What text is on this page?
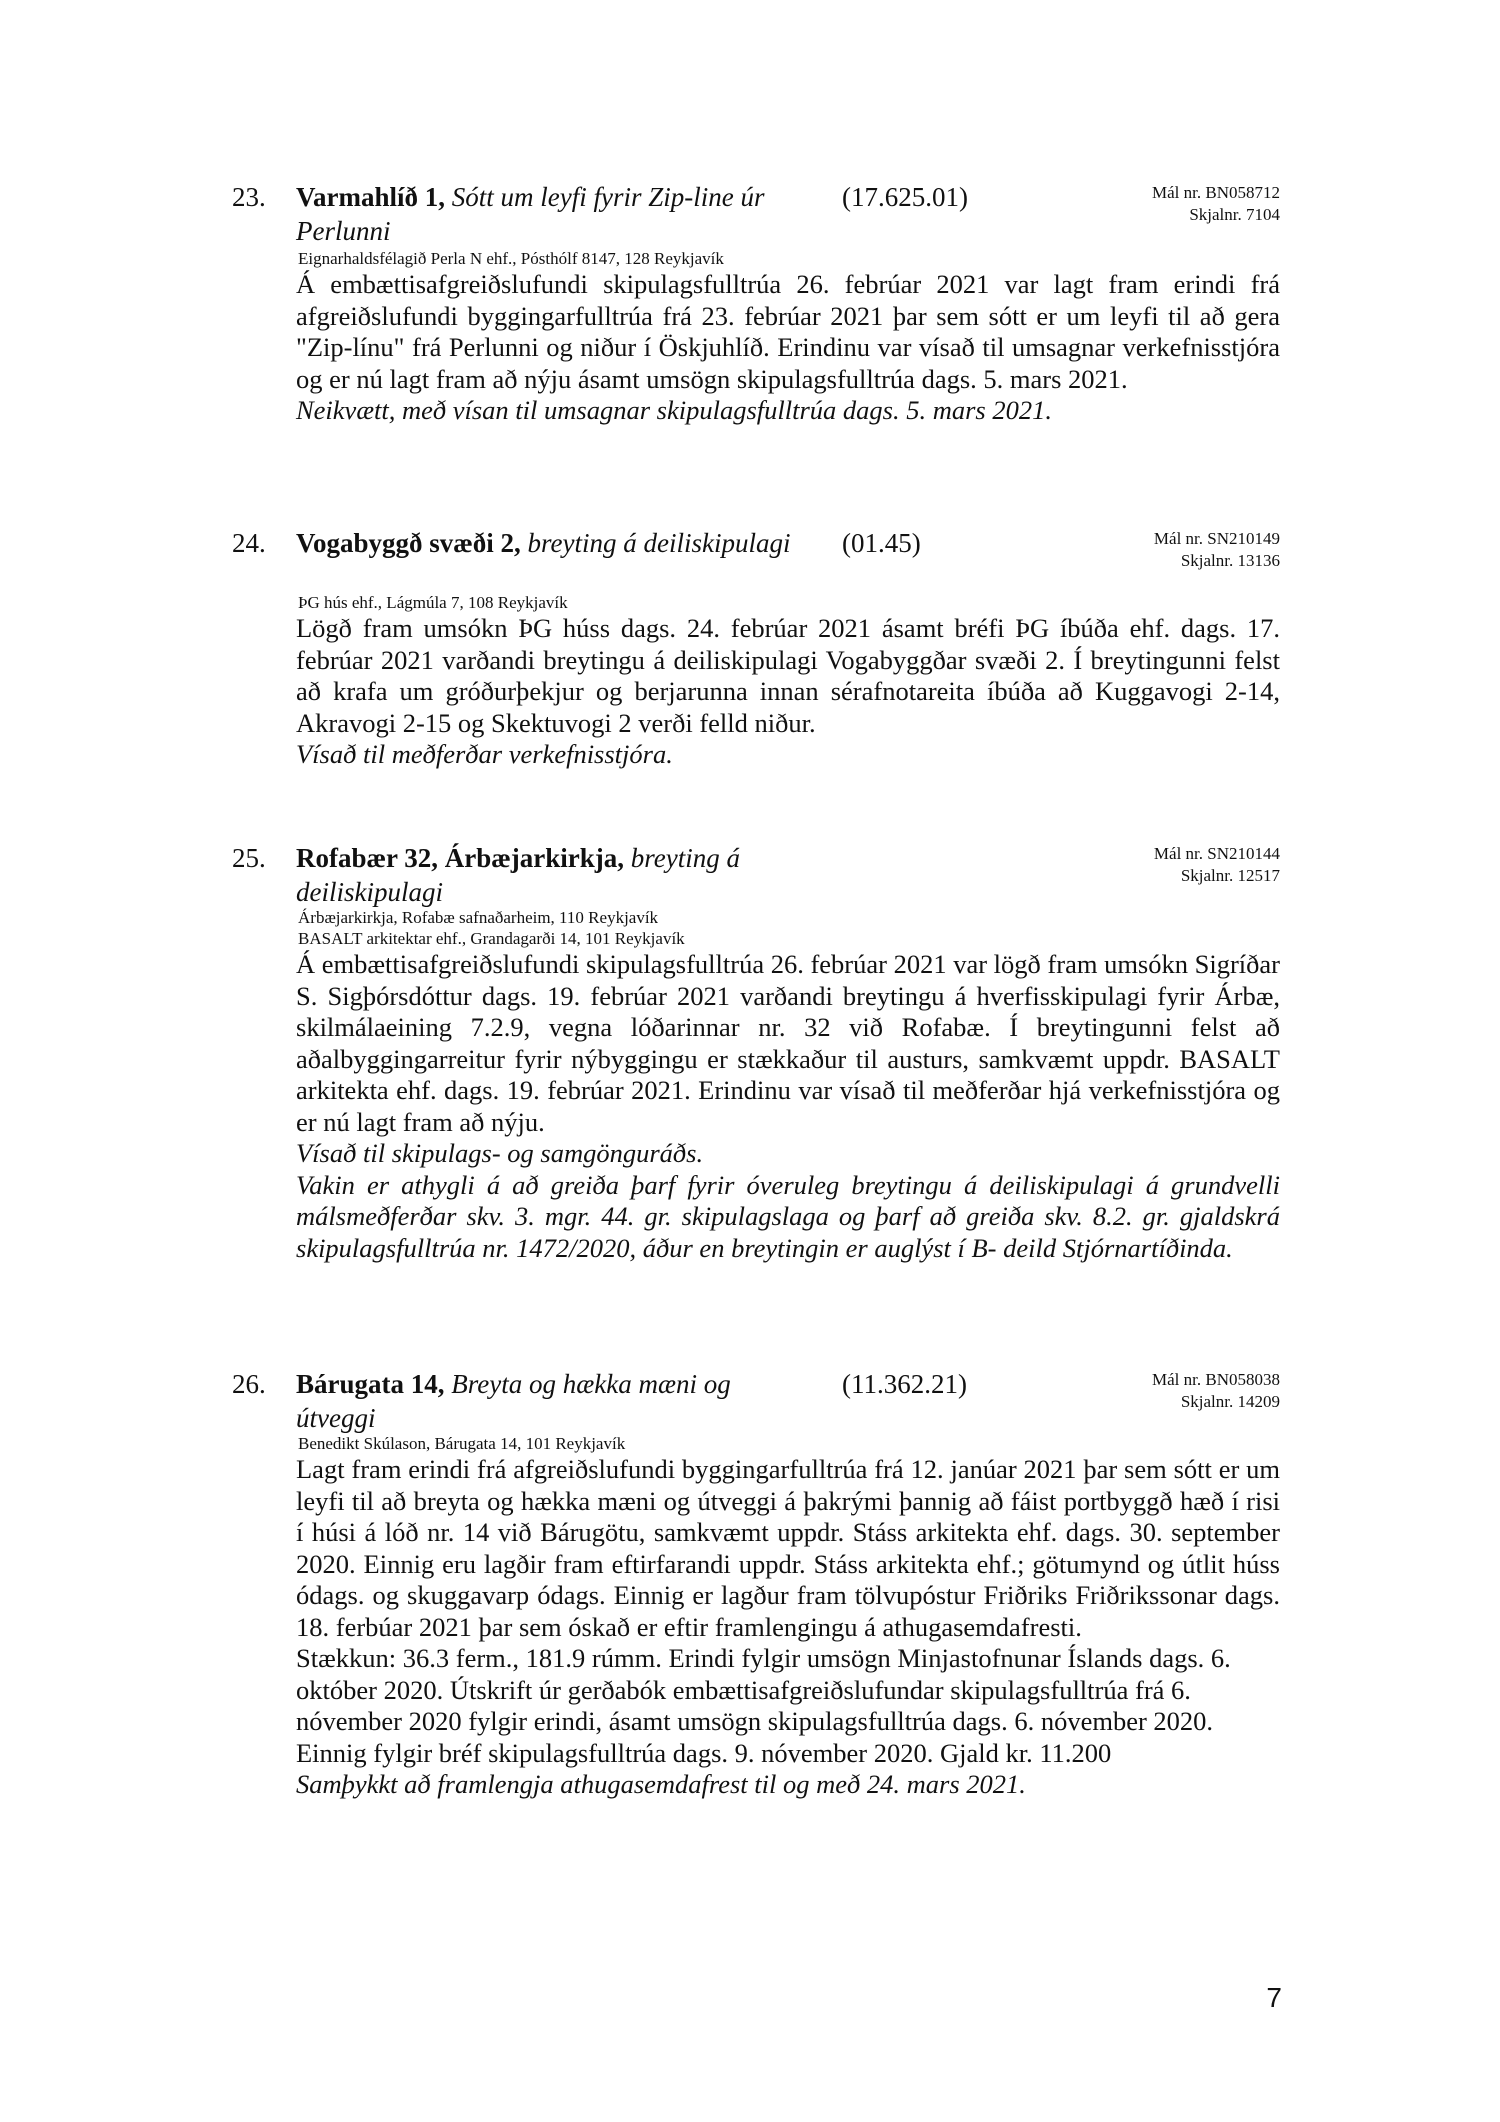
23. Varmahlíð 1, Sótt um leyfi fyrir Zip-line úr Perlunni
(17.625.01)	Mál nr. BN058712
Skjalnr. 7104
Eignarhaldsfélagið Perla N ehf., Pósthólf 8147, 128 Reykjavík

Á embættisafgreiðslufundi skipulagsfulltrúa 26. febrúar 2021 var lagt fram erindi frá afgreiðslufundi byggingarfulltrúa frá 23. febrúar 2021 þar sem sótt er um leyfi til að gera "Zip-línu" frá Perlunni og niður í Öskjuhlíð. Erindinu var vísað til umsagnar verkefnisstjóra og er nú lagt fram að nýju ásamt umsögn skipulagsfulltrúa dags. 5. mars 2021.

Neikvætt, með vísan til umsagnar skipulagsfulltrúa dags. 5. mars 2021.

24. Vogabyggð svæði 2, breyting á deiliskipulagi (01.45)	Mál nr. SN210149
Skjalnr. 13136
ÞG hús ehf., Lágmúla 7, 108 Reykjavík

Lögð fram umsókn ÞG húss dags. 24. febrúar 2021 ásamt bréfi ÞG íbúða ehf. dags. 17. febrúar 2021 varðandi breytingu á deiliskipulagi Vogabyggðar svæði 2. Í breytingunni felst að krafa um gróðurþekjur og berjarunna innan sérafnotareita íbúða að Kuggavogi 2-14, Akravogi 2-15 og Skektuvogi 2 verði felld niður.

Vísað til meðferðar verkefnisstjóra.

25. Rofabær 32, Árbæjarkirkja, breyting á deiliskipulagi
Mál nr. SN210144
Skjalnr. 12517
Árbæjarkirkja, Rofabæ safnaðarheim, 110 Reykjavík
BASALT arkitektar ehf., Grandagarði 14, 101 Reykjavík

Á embættisafgreiðslufundi skipulagsfulltrúa 26. febrúar 2021 var lögð fram umsókn Sigríðar S. Sigþórsdóttur dags. 19. febrúar 2021 varðandi breytingu á hverfisskipulagi fyrir Árbæ, skilmálaeining 7.2.9, vegna lóðarinnar nr. 32 við Rofabæ. Í breytingunni felst að aðalbyggingarreitur fyrir nýbyggingu er stækkaður til austurs, samkvæmt uppdr. BASALT arkitekta ehf. dags. 19. febrúar 2021. Erindinu var vísað til meðferðar hjá verkefnisstjóra og er nú lagt fram að nýju.

Vísað til skipulags- og samgönguráðs.

Vakin er athygli á að greiða þarf fyrir óveruleg breytingu á deiliskipulagi á grundvelli málsmeðferðar skv. 3. mgr. 44. gr. skipulagslaga og þarf að greiða skv. 8.2. gr. gjaldskrá skipulagsfulltrúa nr. 1472/2020, áður en breytingin er auglýst í B- deild Stjórnartíðinda.

26. Bárugata 14, Breyta og hækka mæni og útveggi
(11.362.21)	Mál nr. BN058038
Skjalnr. 14209
Benedikt Skúlason, Bárugata 14, 101 Reykjavík

Lagt fram erindi frá afgreiðslufundi byggingarfulltrúa frá 12. janúar 2021 þar sem sótt er um leyfi til að breyta og hækka mæni og útveggi á þakrými þannig að fáist portbyggð hæð í risi í húsi á lóð nr. 14 við Bárugötu, samkvæmt uppdr. Stáss arkitekta ehf. dags. 30. september 2020. Einnig eru lagðir fram eftirfarandi uppdr. Stáss arkitekta ehf.; götumynd og útlit húss ódags. og skuggavarp ódags. Einnig er lagður fram tölvupóstur Friðriks Friðrikssonar dags. 18. ferbúar 2021 þar sem óskað er eftir framlengingu á athugasemdafresti.

Stækkun: 36.3 ferm., 181.9 rúmm. Erindi fylgir umsögn Minjastofnunar Íslands dags. 6. október 2020. Útskrift úr gerðabók embættisafgreiðslufundar skipulagsfulltrúa frá 6. nóvember 2020 fylgir erindi, ásamt umsögn skipulagsfulltrúa dags. 6. nóvember 2020. Einnig fylgir bréf skipulagsfulltrúa dags. 9. nóvember 2020. Gjald kr. 11.200

Samþykkt að framlengja athugasemdafrest til og með 24. mars 2021.

7
